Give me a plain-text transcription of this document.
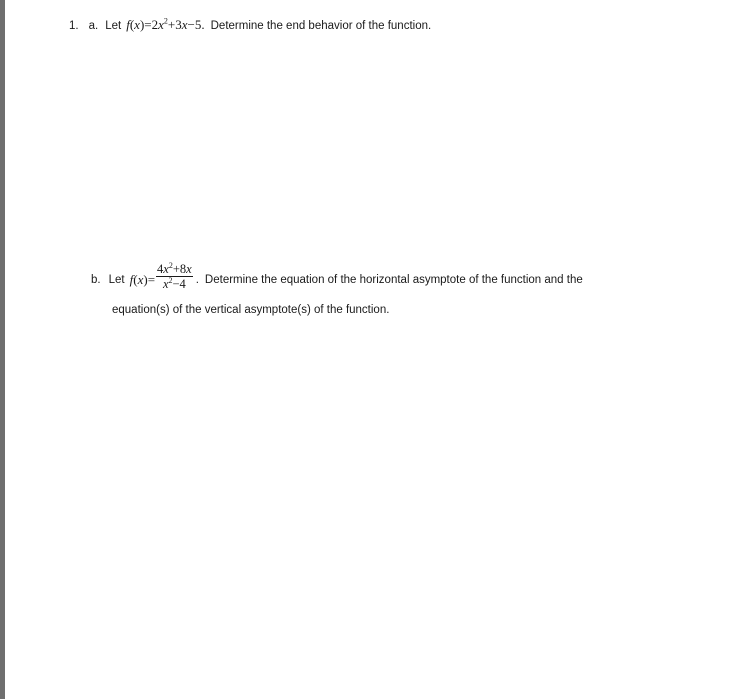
1. a. Let $f(x)=2x^2+3x-5$. Determine the end behavior of the function.
b. Let $f(x)= \frac{4x^2+8x}{x^2-4}$ . Determine the equation of the horizontal asymptote of the function and the
equation(s) of the vertical asymptote(s) of the function.
